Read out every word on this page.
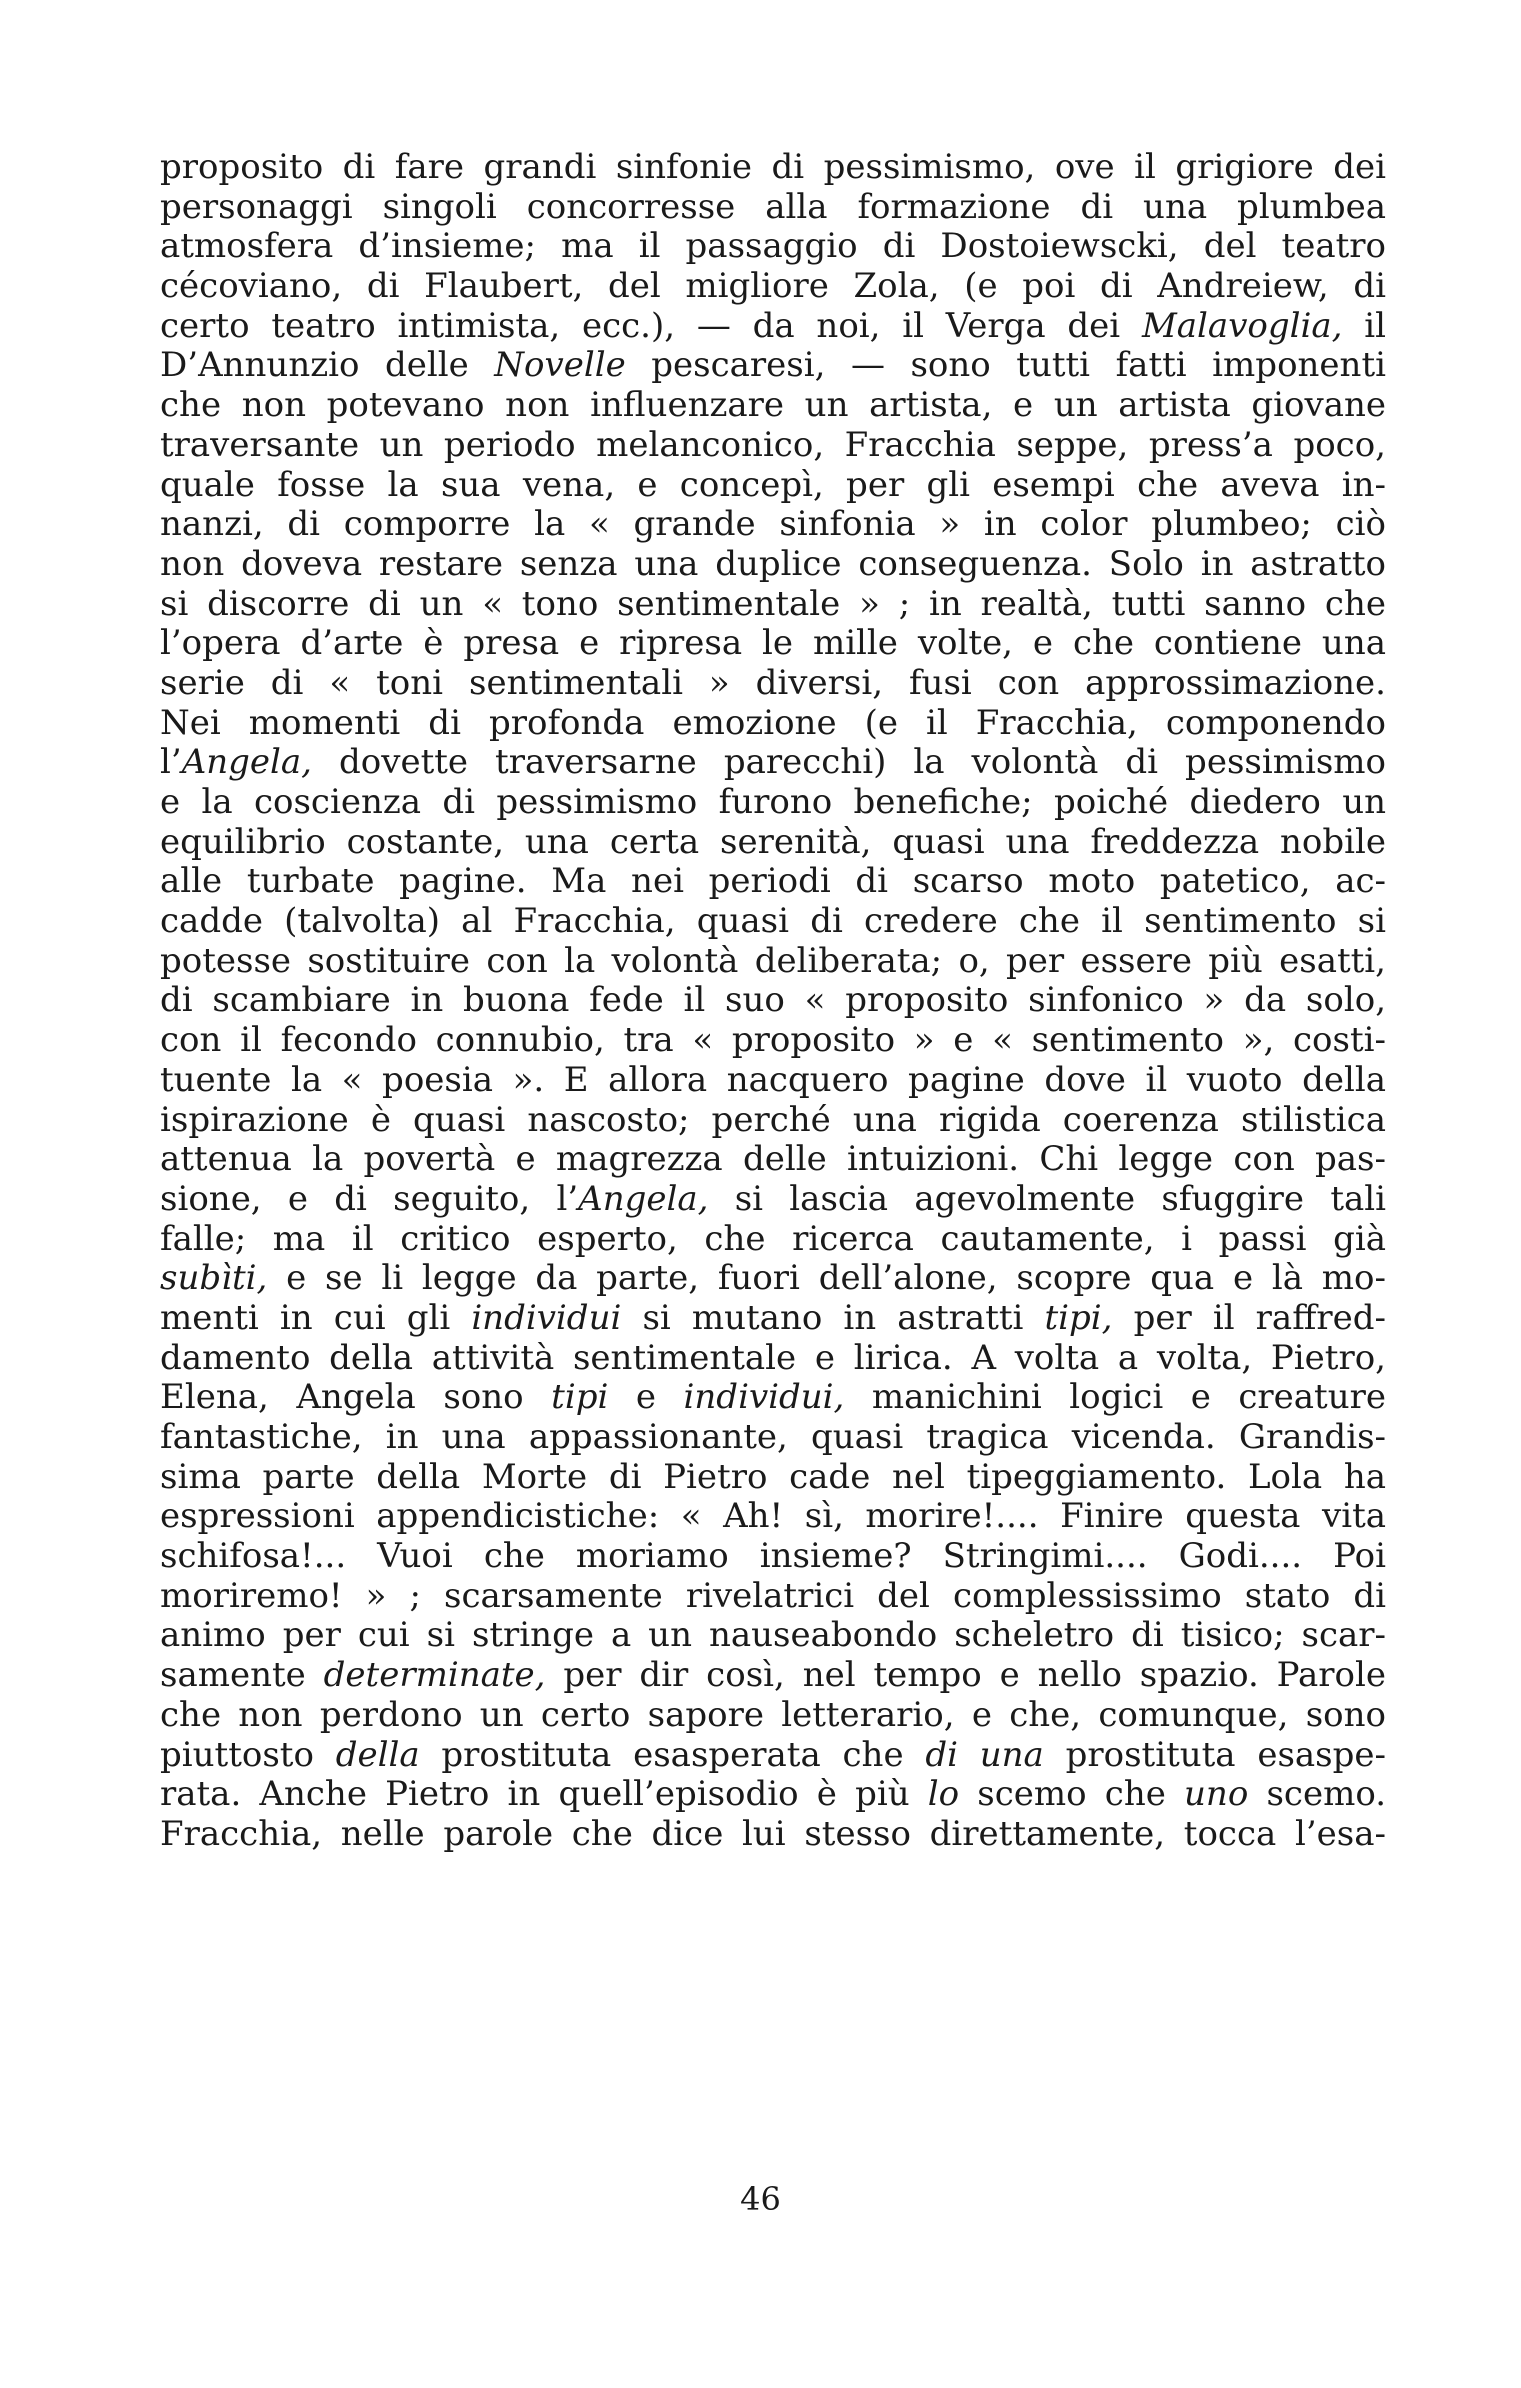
proposito di fare grandi sinfonie di pessimismo, ove il grigiore dei
personaggi singoli concorresse alla formazione di una plumbea
atmosfera d’insieme; ma il passaggio di Dostoiewscki, del teatro
cécoviano, di Flaubert, del migliore Zola, (e poi di Andreiew, di
certo teatro intimista, ecc.), — da noi, il Verga dei Malavoglia, il
D’Annunzio delle Novelle pescaresi, — sono tutti fatti imponenti
che non potevano non influenzare un artista, e un artista giovane
traversante un periodo melanconico, Fracchia seppe, press’a poco,
quale fosse la sua vena, e concepì, per gli esempi che aveva in-
nanzi, di comporre la « grande sinfonia » in color plumbeo; ciò
non doveva restare senza una duplice conseguenza. Solo in astratto
si discorre di un « tono sentimentale » ; in realtà, tutti sanno che
l’opera d’arte è presa e ripresa le mille volte, e che contiene una
serie di « toni sentimentali » diversi, fusi con approssimazione.
Nei momenti di profonda emozione (e il Fracchia, componendo
l’Angela, dovette traversarne parecchi) la volontà di pessimismo
e la coscienza di pessimismo furono benefiche; poiché diedero un
equilibrio costante, una certa serenità, quasi una freddezza nobile
alle turbate pagine. Ma nei periodi di scarso moto patetico, ac-
cadde (talvolta) al Fracchia, quasi di credere che il sentimento si
potesse sostituire con la volontà deliberata; o, per essere più esatti,
di scambiare in buona fede il suo « proposito sinfonico » da solo,
con il fecondo connubio, tra « proposito » e « sentimento », costi-
tuente la « poesia ». E allora nacquero pagine dove il vuoto della
ispirazione è quasi nascosto; perché una rigida coerenza stilistica
attenua la povertà e magrezza delle intuizioni. Chi legge con pas-
sione, e di seguito, l’Angela, si lascia agevolmente sfuggire tali
falle; ma il critico esperto, che ricerca cautamente, i passi già
subìti, e se li legge da parte, fuori dell’alone, scopre qua e là mo-
menti in cui gli individui si mutano in astratti tipi, per il raffred-
damento della attività sentimentale e lirica. A volta a volta, Pietro,
Elena, Angela sono tipi e individui, manichini logici e creature
fantastiche, in una appassionante, quasi tragica vicenda. Grandis-
sima parte della Morte di Pietro cade nel tipeggiamento. Lola ha
espressioni appendicistiche: « Ah! sì, morire!.... Finire questa vita
schifosa!... Vuoi che moriamo insieme? Stringimi.... Godi.... Poi
moriremo! » ; scarsamente rivelatrici del complessissimo stato di
animo per cui si stringe a un nauseabondo scheletro di tisico; scar-
samente determinate, per dir così, nel tempo e nello spazio. Parole
che non perdono un certo sapore letterario, e che, comunque, sono
piuttosto della prostituta esasperata che di una prostituta esaspe-
rata. Anche Pietro in quell’episodio è più lo scemo che uno scemo.
Fracchia, nelle parole che dice lui stesso direttamente, tocca l’esa-
46
